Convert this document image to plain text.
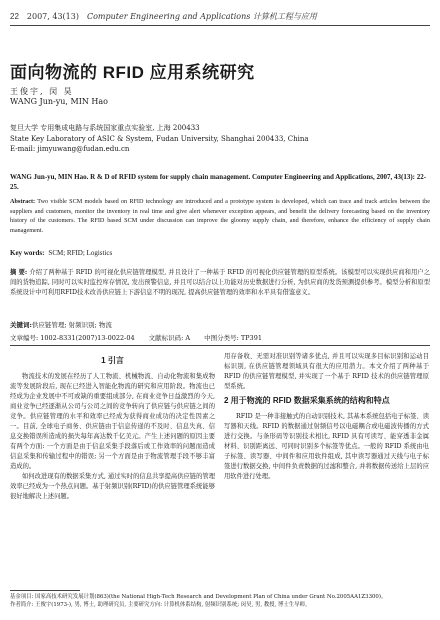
22 2007, 43(13) Computer Engineering and Applications 计算机工程与应用
面向物流的 RFID 应用系统研究
王俊宇, 闵 昊
WANG Jun-yu, MIN Hao
复旦大学 专用集成电路与系统国家重点实验室, 上海 200433
State Key Laboratory of ASIC & System, Fudan University, Shanghai 200433, China
E-mail: jimyuwang@fudan.edu.cn
WANG Jun-yu, MIN Hao. R & D of RFID system for supply chain management. Computer Engineering and Applications, 2007, 43(13): 22-25.
Abstract: Two visible SCM models based on RFID technology are introduced and a prototype system is developed, which can trace and track articles between the suppliers and customers, monitor the inventory in real time and give alert whenever exception appears, and benefit the delivery forecasting based on the inventory history of the customers. The RFID based SCM under discussion can improve the gloomy supply chain, and therefore, enhance the efficiency of supply chain management.
Key words: SCM; RFID; Logistics
摘 要: 介绍了两种基于 RFID 的可视化供应链管理模型, 并且设计了一种基于 RFID 的可视化供应链管理的原型系统。该模型可以实现供应商和用户之间的货物追踪, 同时可以实时监控库存情况, 发出预警信息, 并且可以结合以上功能对历史数据进行分析, 为供应商的发货预测提供参考。模型分析和原型系统设计中可利用RFID技术改善供应链上下游信息不明的现况, 提高供应链管理的效率和水平具有借鉴意义。
关键词:供应链管理; 射频识别; 物流
文章编号: 1002-8331(2007)13-0022-04 文献标识码: A 中图分类号: TP391
1 引言

物流技术的发展在经历了人工物流、机械物流、自动化物流和集成物流等发展阶段后, 现在已经进入智能化物流的研究和应用阶段。物流也已经成为企业发展中不可或缺的重要组成部分, 在商业竞争日益激烈的今天, 商业竞争已经逐渐从公司与公司之间的竞争转向了供应链与供应链之间的竞争。供应链管理的水平和效率已经成为获得商业成功的决定性因素之一。目前, 全球电子商务、供应链由于信息传递的不及时、信息失真、信息交换错误所造成的损失每年高达数千亿美元。产生上述问题的原因主要有两个方面: 一个方面是由于信息采集手段落后或工作效率的问题而造成信息采集和传输过程中的错误; 另一个方面是由于物流管理手段不够丰富造成的。

如何改进现有的数据采集方式, 通过实时的信息共享提高供应链的管理效率已经成为一个热点问题。基于射频识别(RFID)的供应链管理系统能够很好地解决上述问题。

用存备收、无需对准识别等诸多优点, 并且可以实现多目标识别和运动目标识别, 在供应链管理领域具有很大的应用潜力。本文介绍了两种基于 RFID 的供应链管理模型, 并实现了一个基于 RFID 技术的供应链管理原型系统。

2 用于物流的 RFID 数据采集系统的结构和特点

RFID 是一种非接触式的自动识别技术, 其基本系统包括电子标签、读写器和天线。RFID 的数据通过射频信号以电磁耦合或电磁波传播的方式进行交换。与条形码等识别技术相比, RFID 具有可读写、能穿透非金属材料、识别距离远、可同时识别多个标签等优点。一般的 RFID 系统由电子标签、读写器、中间件和应用软件组成, 其中读写器通过天线与电子标签进行数据交换, 中间件负责数据的过滤和整合, 并将数据传送给上层的应用软件进行处理。

基金项目: 国家高技术研究发展计划(863)(the National High-Tech Research and Development Plan of China under Grant No.2005AA1Z3300)。
作者简介: 王俊宇(1973-), 男, 博士, 助理研究员, 主要研究方向: 计算机体系结构, 射频识别系统; 闵昊, 男, 教授, 博士生导师。
